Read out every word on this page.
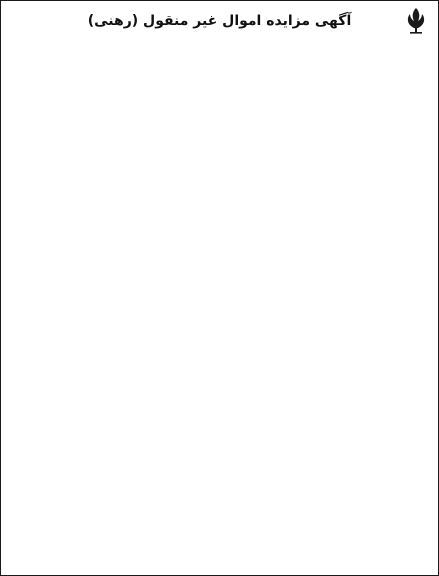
آگهی مزایده اموال غیر منقول (رهنی)
